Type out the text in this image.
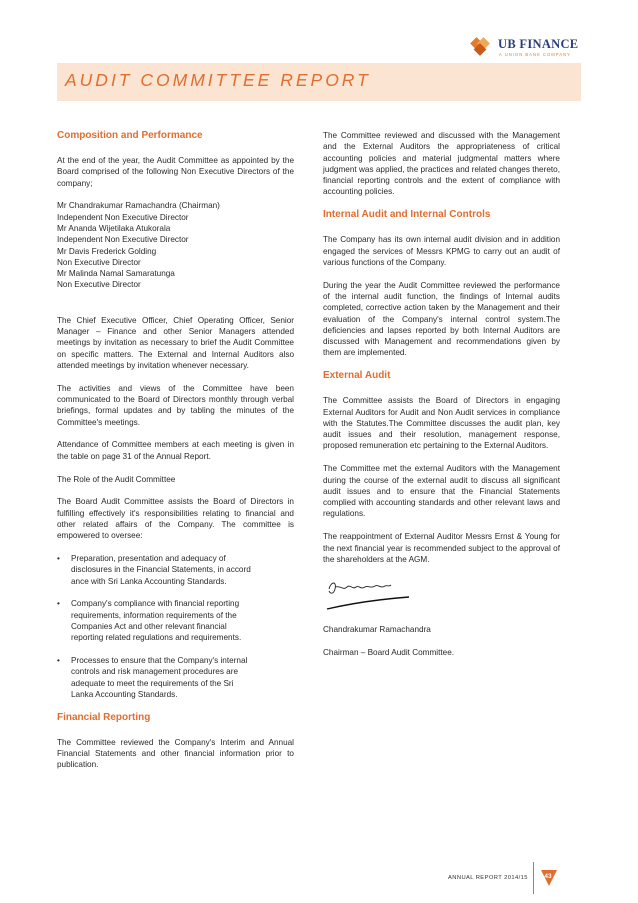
UB FINANCE
A UNION BANK COMPANY
AUDIT COMMITTEE REPORT
Composition and Performance
At the end of the year, the Audit Committee as appointed by the Board comprised of the following Non Executive Directors of the company;
Mr Chandrakumar Ramachandra (Chairman)
Independent Non Executive Director
Mr Ananda Wijetilaka Atukorala
Independent Non Executive Director
Mr Davis Frederick Golding
Non Executive Director
Mr Malinda Namal Samaratunga
Non Executive Director
The Chief Executive Officer, Chief Operating Officer, Senior Manager – Finance and other Senior Managers attended meetings by invitation as necessary to brief the Audit Committee on specific matters. The External and Internal Auditors also attended meetings by invitation whenever necessary.
The activities and views of the Committee have been communicated to the Board of Directors monthly through verbal briefings, formal updates and by tabling the minutes of the Committee's meetings.
Attendance of Committee members at each meeting is given in the table on page 31 of the Annual Report.
The Role of the Audit Committee
The Board Audit Committee assists the Board of Directors in fulfilling effectively it's responsibilities relating to financial and other related affairs of the Company. The committee is empowered to oversee:
• Preparation, presentation and adequacy of
disclosures in the Financial Statements, in accord
ance with Sri Lanka Accounting Standards.
• Company's compliance with financial reporting
requirements, information requirements of the
Companies Act and other relevant financial
reporting related regulations and requirements.
• Processes to ensure that the Company's internal
controls and risk management procedures are
adequate to meet the requirements of the Sri
Lanka Accounting Standards.
Financial Reporting
The Committee reviewed the Company's Interim and Annual Financial Statements and other financial information prior to publication.
The Committee reviewed and discussed with the Management and the External Auditors the appropriateness of critical accounting policies and material judgmental matters where judgment was applied, the practices and related changes thereto, financial reporting controls and the extent of compliance with accounting policies.
Internal Audit and Internal Controls
The Company has its own internal audit division and in addition engaged the services of Messrs KPMG to carry out an audit of various functions of the Company.
During the year the Audit Committee reviewed the performance of the internal audit function, the findings of Internal audits completed, corrective action taken by the Management and their evaluation of the Company's internal control system.The deficiencies and lapses reported by both Internal Auditors are discussed with Management and recommendations given by them are implemented.
External Audit
The Committee assists the Board of Directors in engaging External Auditors for Audit and Non Audit services in compliance with the Statutes.The Committee discusses the audit plan, key audit issues and their resolution, management response, proposed remuneration etc pertaining to the External Auditors.
The Committee met the external Auditors with the Management during the course of the external audit to discuss all significant audit issues and to ensure that the Financial Statements complied with accounting standards and other relevant laws and regulations.
The reappointment of External Auditor Messrs Ernst & Young for the next financial year is recommended subject to the approval of the shareholders at the AGM.

Chandrakumar Ramachandra

Chairman – Board Audit Committee.

ANNUAL REPORT 2014/15	43
